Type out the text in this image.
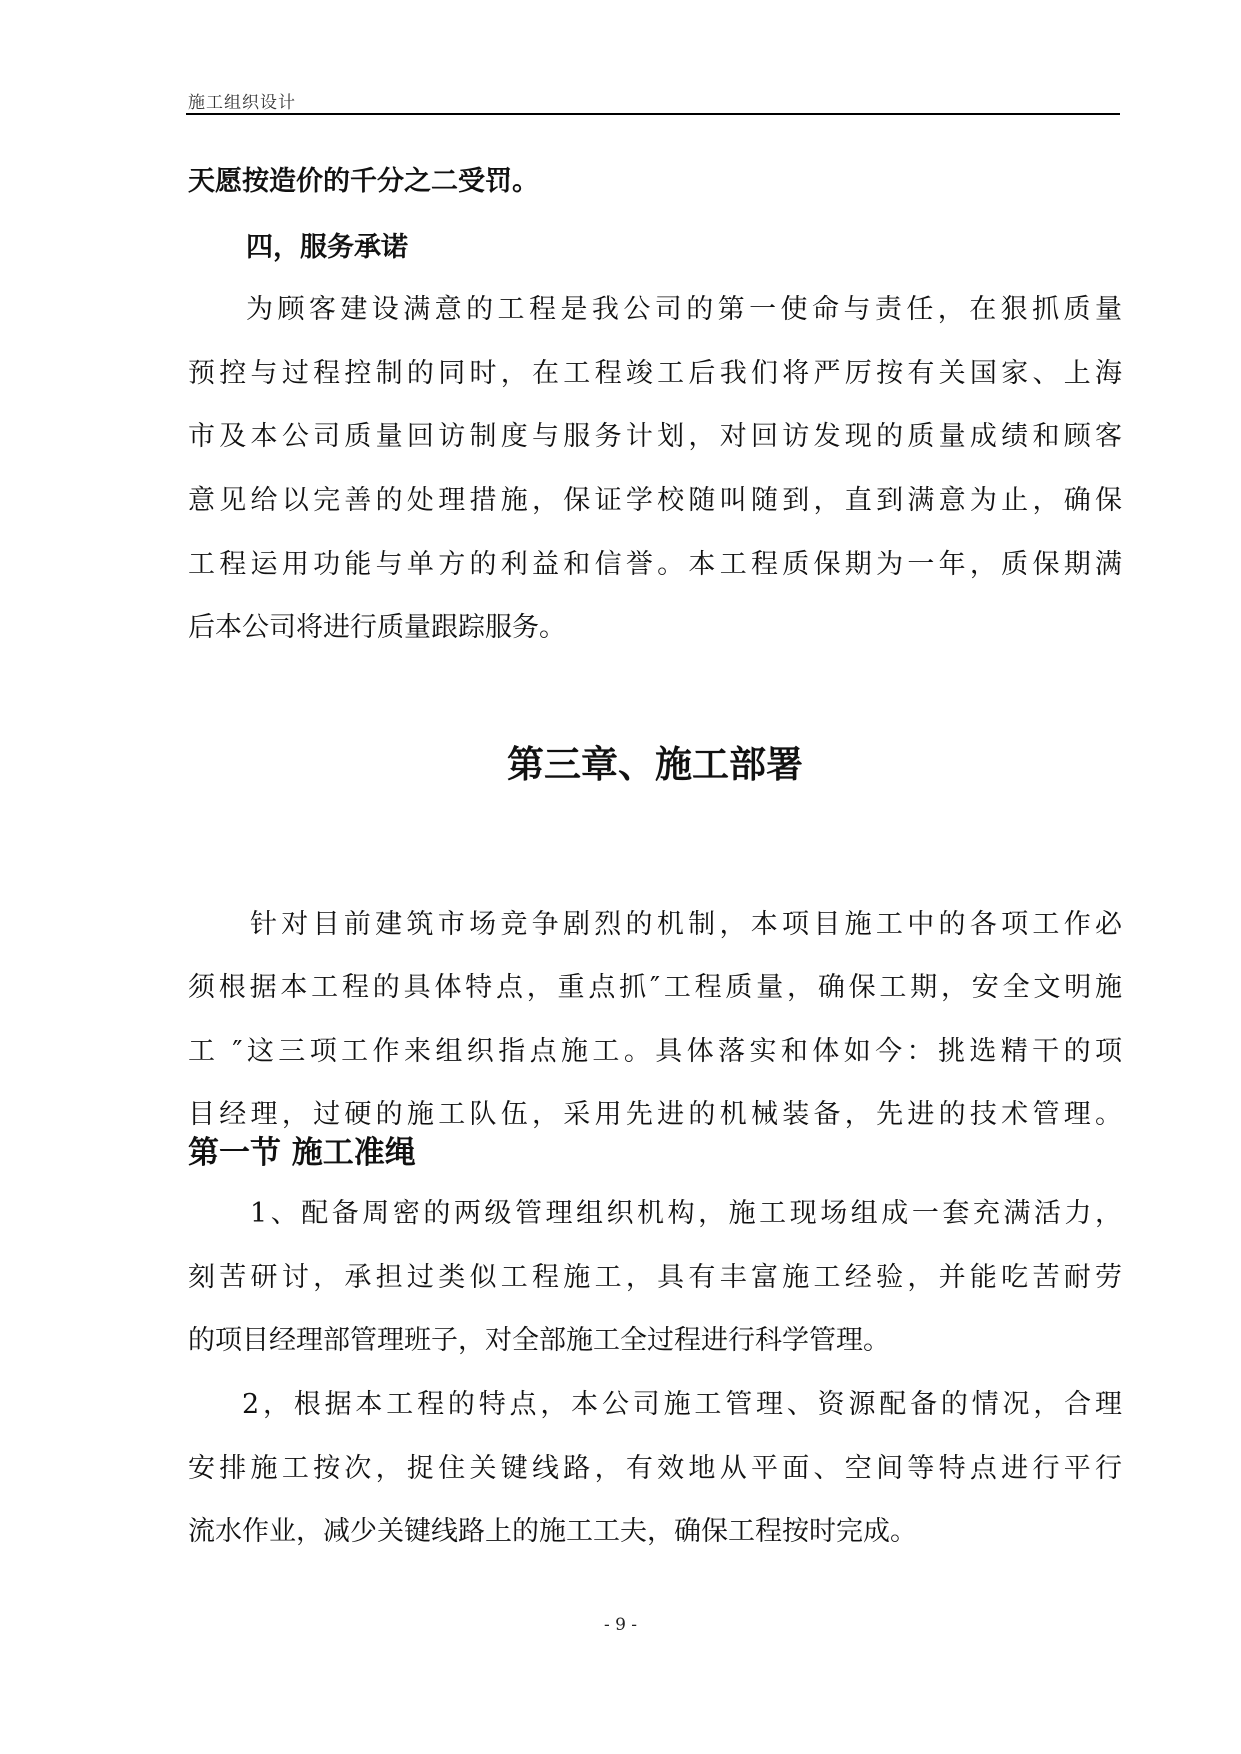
施工组织设计
天愿按造价的千分之二受罚。
四，服务承诺
为顾客建设满意的工程是我公司的第一使命与责任，在狠抓质量
预控与过程控制的同时，在工程竣工后我们将严厉按有关国家、上海
市及本公司质量回访制度与服务计划，对回访发现的质量成绩和顾客
意见给以完善的处理措施，保证学校随叫随到，直到满意为止，确保
工程运用功能与单方的利益和信誉。本工程质保期为一年，质保期满
后本公司将进行质量跟踪服务。
第三章、施工部署
针对目前建筑市场竞争剧烈的机制，本项目施工中的各项工作必
须根据本工程的具体特点，重点抓″工程质量，确保工期，安全文明施
工 ″这三项工作来组织指点施工。具体落实和体如今：挑选精干的项
目经理，过硬的施工队伍，采用先进的机械装备，先进的技术管理。
第一节 施工准绳
1、配备周密的两级管理组织机构，施工现场组成一套充满活力，
刻苦研讨，承担过类似工程施工，具有丰富施工经验，并能吃苦耐劳
的项目经理部管理班子，对全部施工全过程进行科学管理。
2，根据本工程的特点，本公司施工管理、资源配备的情况，合理
安排施工按次，捉住关键线路，有效地从平面、空间等特点进行平行
流水作业，减少关键线路上的施工工夫，确保工程按时完成。
- 9 -
